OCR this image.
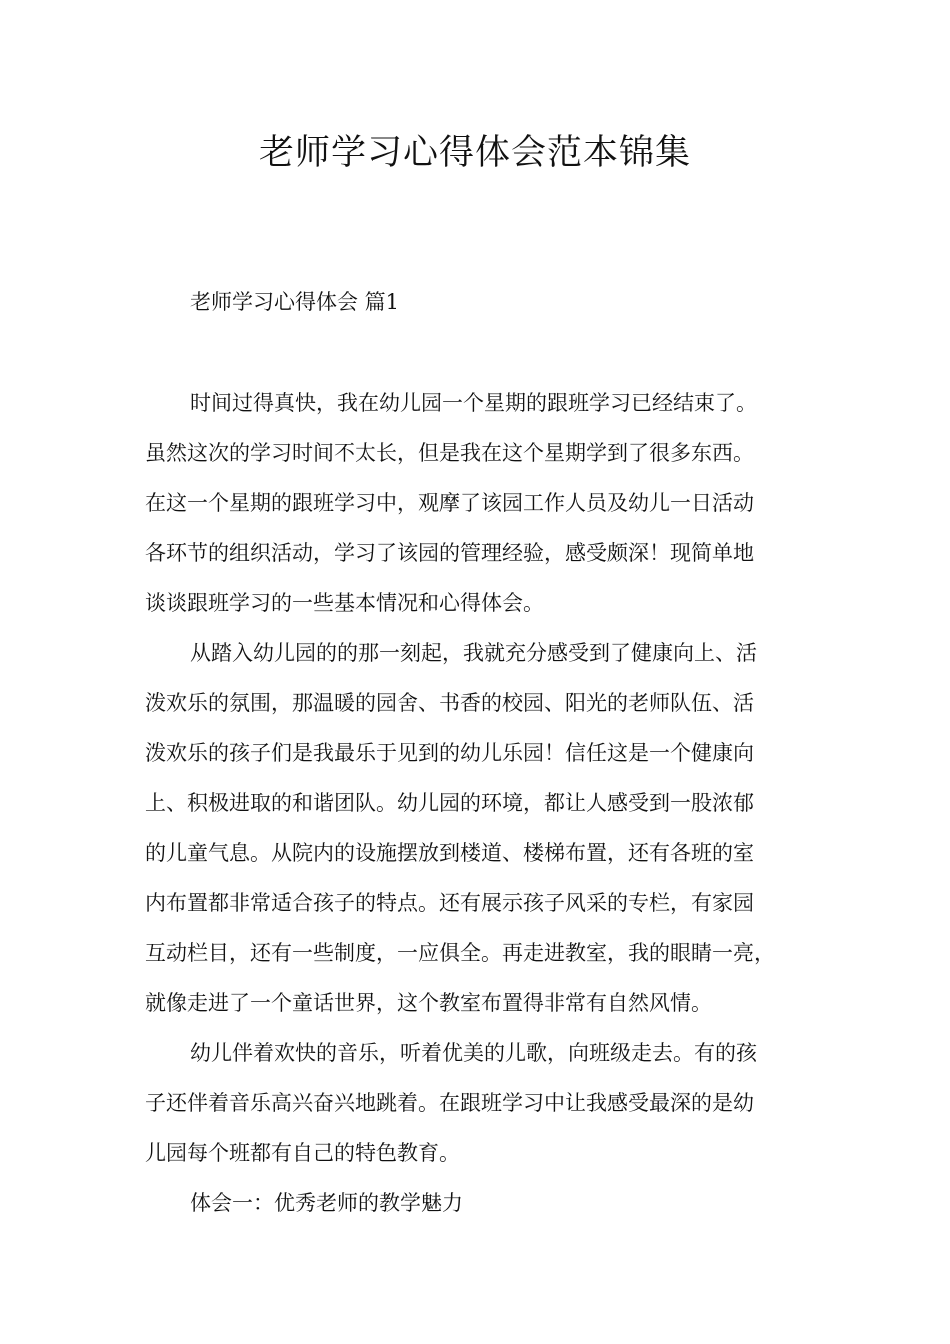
老师学习心得体会范本锦集
老师学习心得体会 篇1
时间过得真快，我在幼儿园一个星期的跟班学习已经结束了。
虽然这次的学习时间不太长，但是我在这个星期学到了很多东西。
在这一个星期的跟班学习中，观摩了该园工作人员及幼儿一日活动
各环节的组织活动，学习了该园的管理经验，感受颇深！现简单地
谈谈跟班学习的一些基本情况和心得体会。
从踏入幼儿园的的那一刻起，我就充分感受到了健康向上、活
泼欢乐的氛围，那温暖的园舍、书香的校园、阳光的老师队伍、活
泼欢乐的孩子们是我最乐于见到的幼儿乐园！信任这是一个健康向
上、积极进取的和谐团队。幼儿园的环境，都让人感受到一股浓郁
的儿童气息。从院内的设施摆放到楼道、楼梯布置，还有各班的室
内布置都非常适合孩子的特点。还有展示孩子风采的专栏，有家园
互动栏目，还有一些制度，一应俱全。再走进教室，我的眼睛一亮，
就像走进了一个童话世界，这个教室布置得非常有自然风情。
幼儿伴着欢快的音乐，听着优美的儿歌，向班级走去。有的孩
子还伴着音乐高兴奋兴地跳着。在跟班学习中让我感受最深的是幼
儿园每个班都有自己的特色教育。
体会一：优秀老师的教学魅力
